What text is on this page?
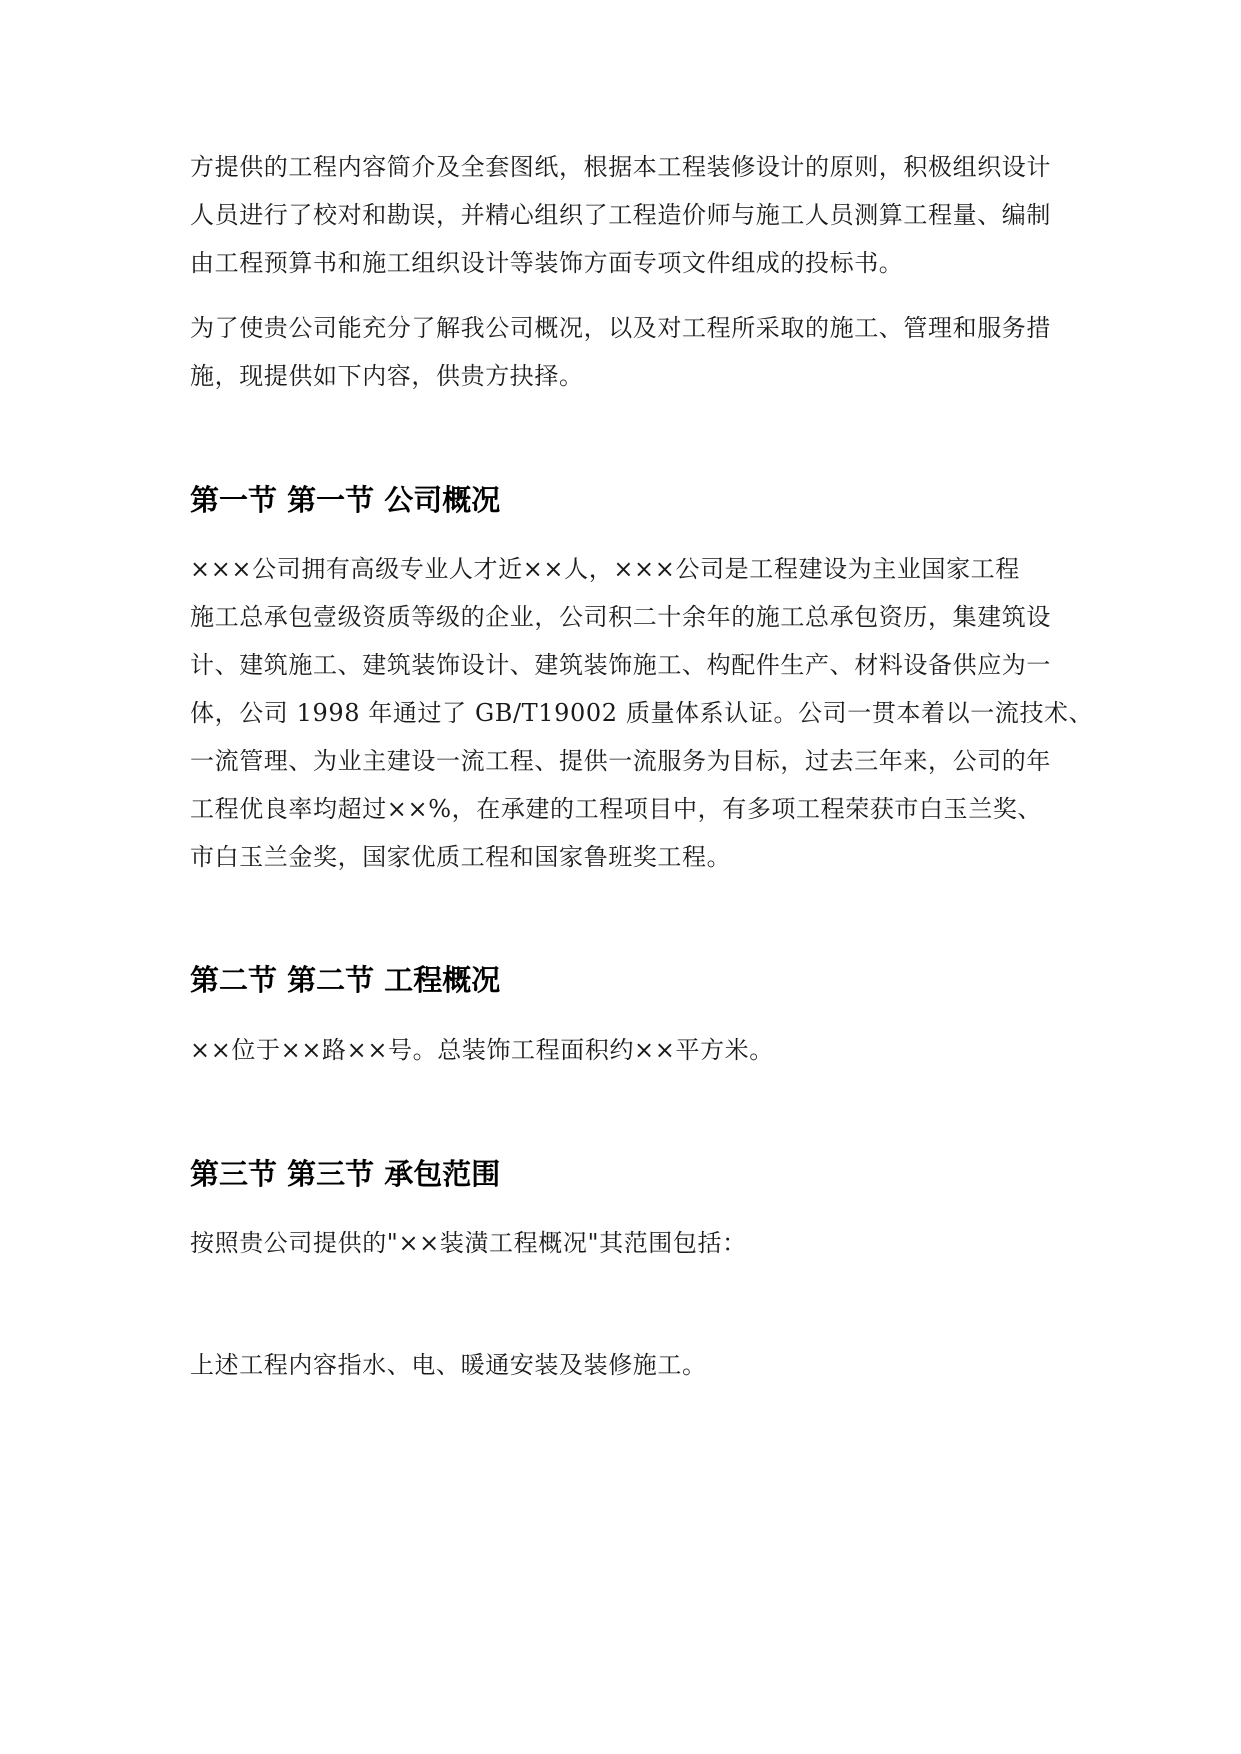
方提供的工程内容简介及全套图纸，根据本工程装修设计的原则，积极组织设计
人员进行了校对和勘误，并精心组织了工程造价师与施工人员测算工程量、编制
由工程预算书和施工组织设计等装饰方面专项文件组成的投标书。

为了使贵公司能充分了解我公司概况，以及对工程所采取的施工、管理和服务措
施，现提供如下内容，供贵方抉择。

第一节 第一节 公司概况

×××公司拥有高级专业人才近××人，×××公司是工程建设为主业国家工程
施工总承包壹级资质等级的企业，公司积二十余年的施工总承包资历，集建筑设
计、建筑施工、建筑装饰设计、建筑装饰施工、构配件生产、材料设备供应为一
体，公司 1998 年通过了 GB/T19002 质量体系认证。公司一贯本着以一流技术、
一流管理、为业主建设一流工程、提供一流服务为目标，过去三年来，公司的年
工程优良率均超过××%，在承建的工程项目中，有多项工程荣获市白玉兰奖、
市白玉兰金奖，国家优质工程和国家鲁班奖工程。

第二节 第二节 工程概况

××位于××路××号。总装饰工程面积约××平方米。

第三节 第三节 承包范围

按照贵公司提供的"××装潢工程概况"其范围包括：

上述工程内容指水、电、暖通安装及装修施工。
